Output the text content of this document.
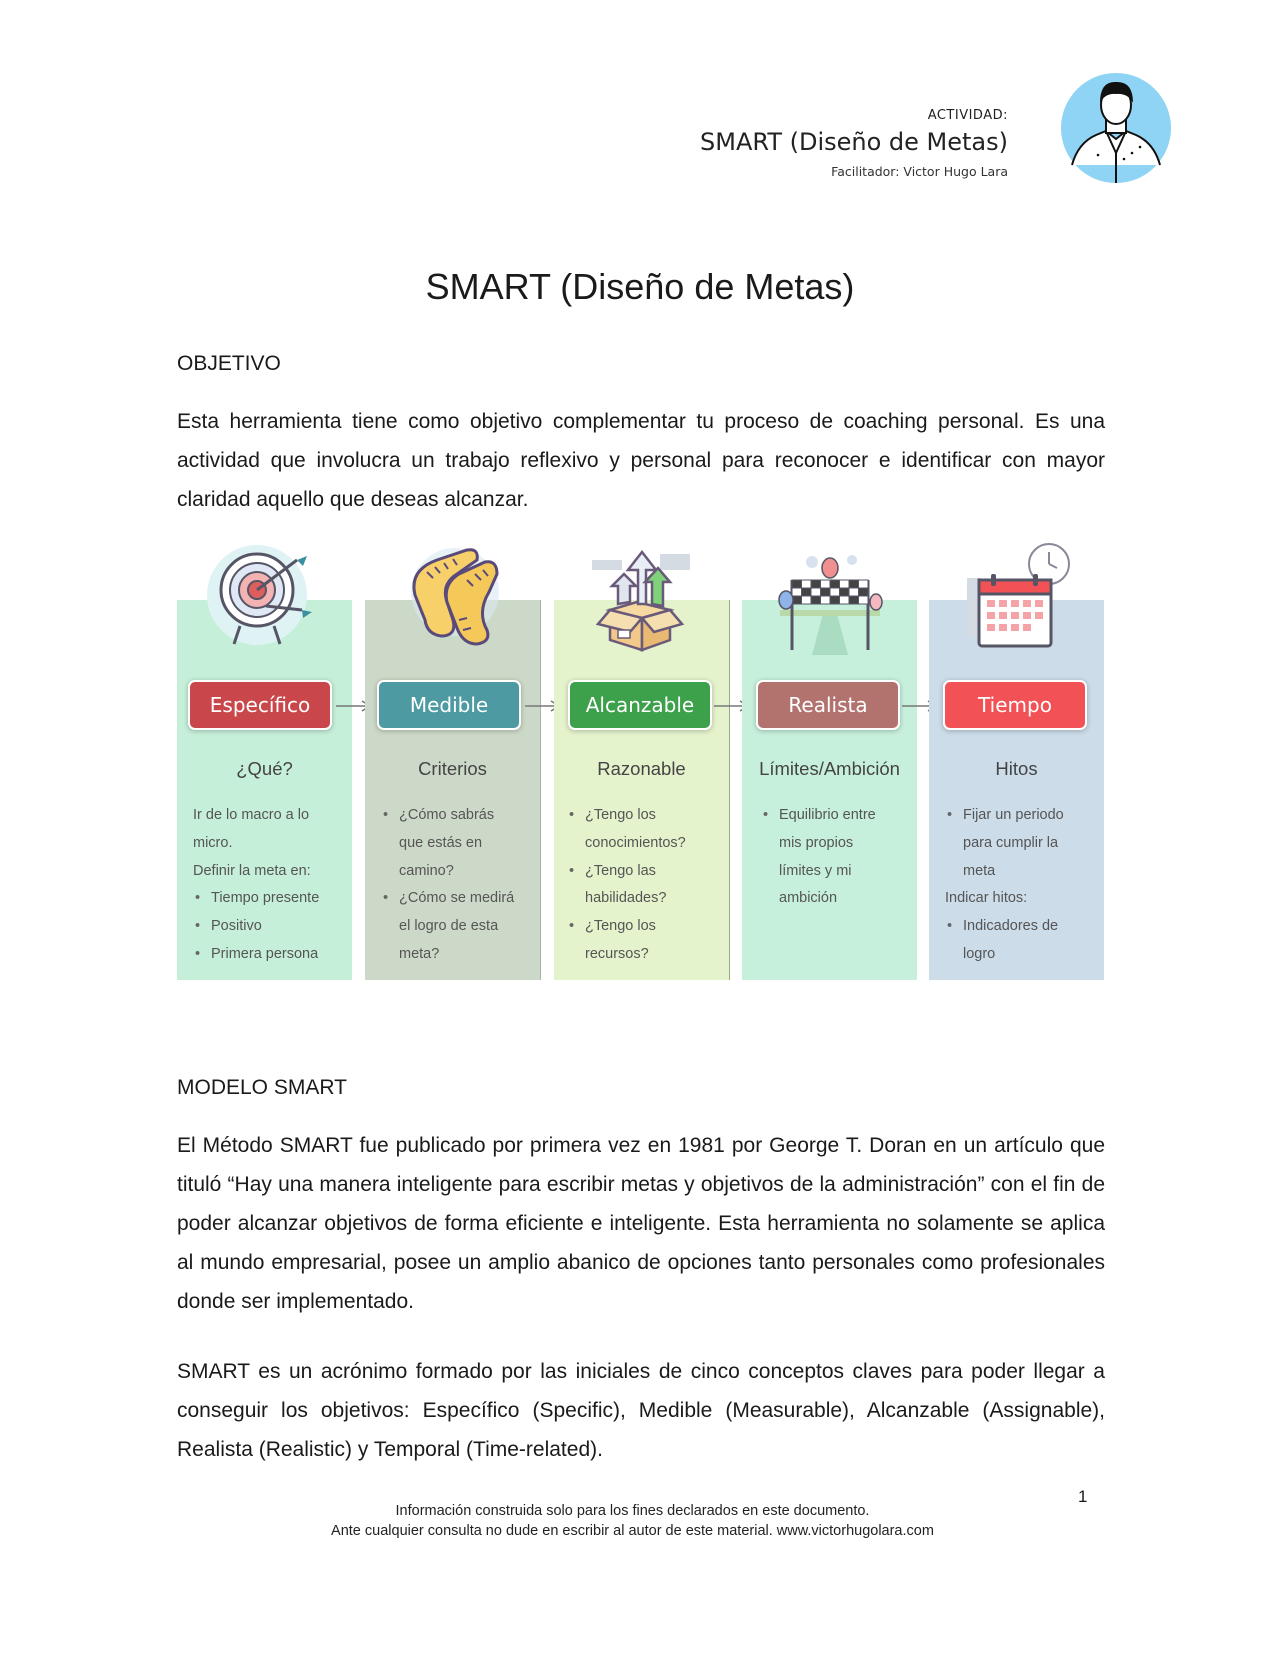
ACTIVIDAD:
SMART (Diseño de Metas)
Facilitador: Victor Hugo Lara
SMART (Diseño de Metas)
OBJETIVO

Esta herramienta tiene como objetivo complementar tu proceso de coaching personal. Es una actividad que involucra un trabajo reflexivo y personal para reconocer e identificar con mayor claridad aquello que deseas alcanzar.

Específico
¿Qué?
Ir de lo macro a lo
micro.
Definir la meta en:
• Tiempo presente
• Positivo
• Primera persona
Medible
Criterios
• ¿Cómo sabrás
que estás en
camino?
• ¿Cómo se medirá
el logro de esta
meta?
Alcanzable
Razonable
• ¿Tengo los
conocimientos?
• ¿Tengo las
habilidades?
• ¿Tengo los
recursos?
Realista
Límites/Ambición
• Equilibrio entre
mis propios
límites y mi
ambición
Tiempo
Hitos
• Fijar un periodo
para cumplir la
meta
Indicar hitos:
• Indicadores de
logro
MODELO SMART

El Método SMART fue publicado por primera vez en 1981 por George T. Doran en un artículo que tituló “Hay una manera inteligente para escribir metas y objetivos de la administración” con el fin de poder alcanzar objetivos de forma eficiente e inteligente. Esta herramienta no solamente se aplica al mundo empresarial, posee un amplio abanico de opciones tanto personales como profesionales donde ser implementado.

SMART es un acrónimo formado por las iniciales de cinco conceptos claves para poder llegar a conseguir los objetivos: Específico (Specific), Medible (Measurable), Alcanzable (Assignable), Realista (Realistic) y Temporal (Time-related).

1
Información construida solo para los fines declarados en este documento.
Ante cualquier consulta no dude en escribir al autor de este material. www.victorhugolara.com
